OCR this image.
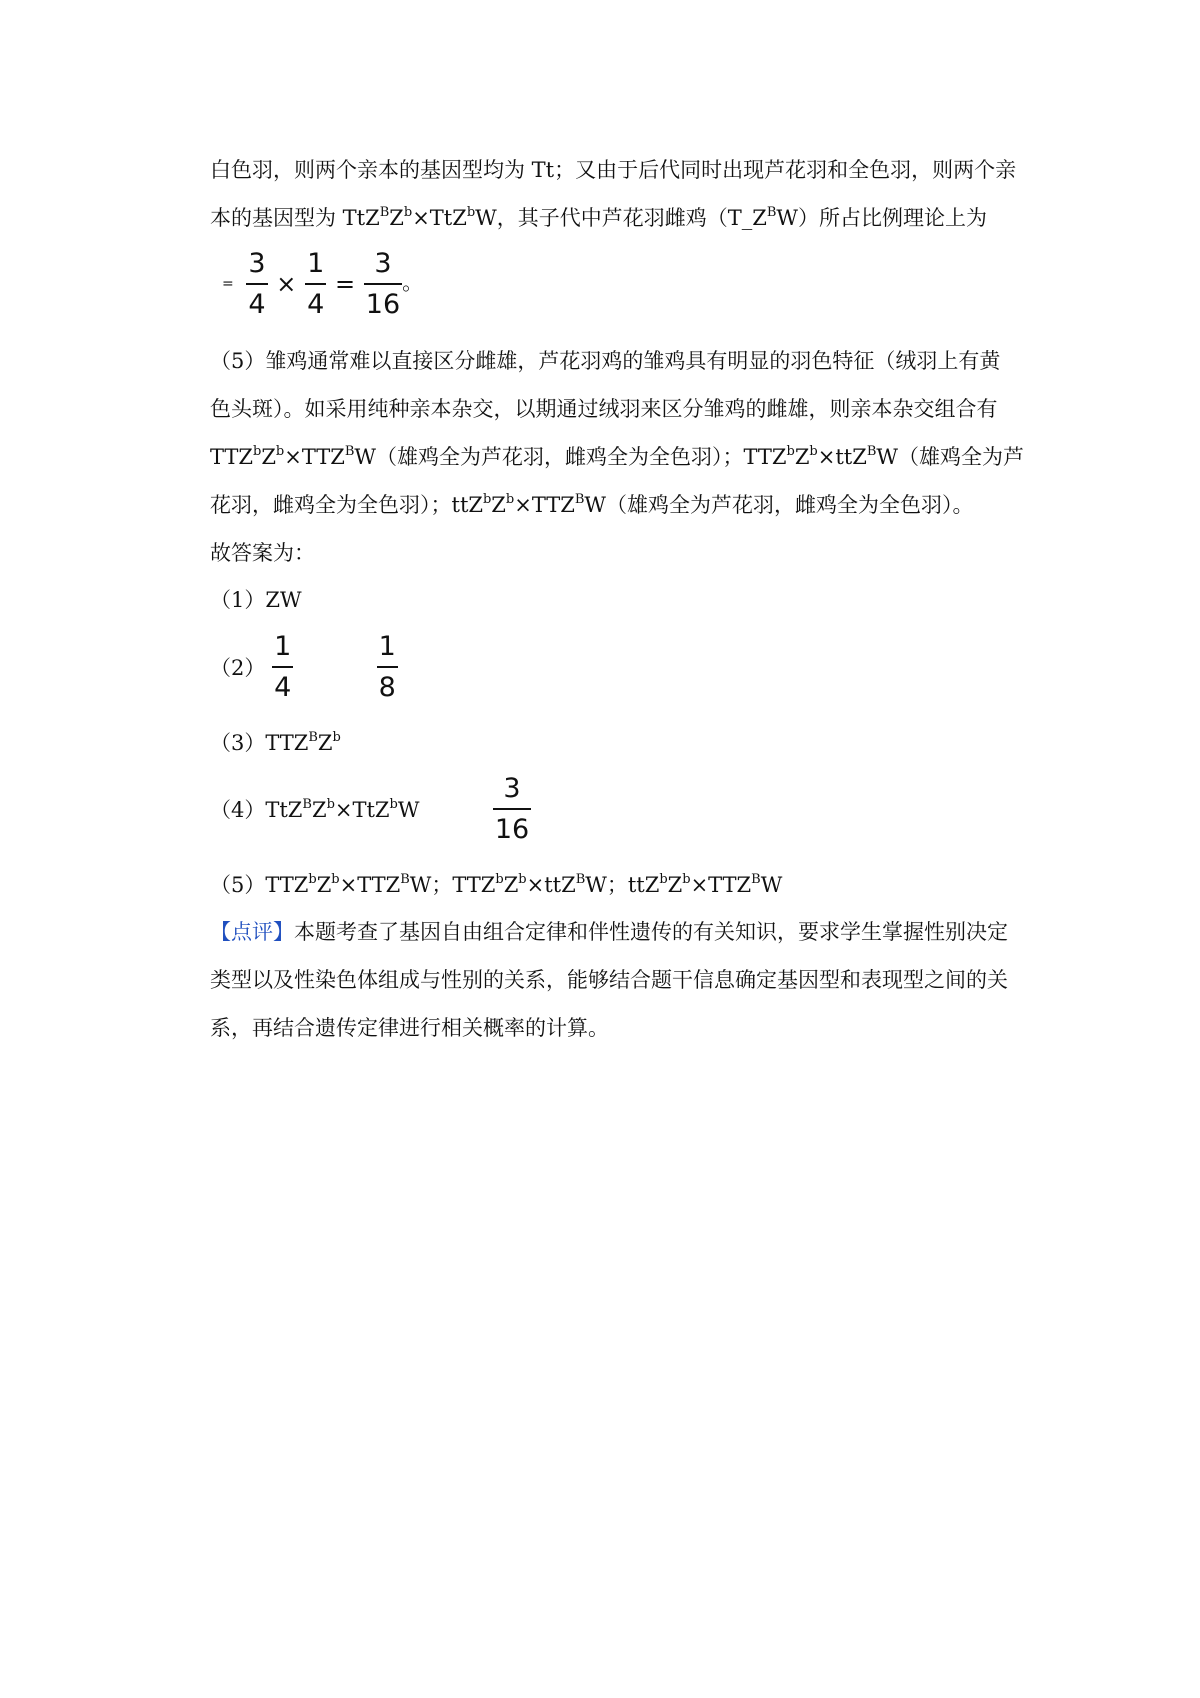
白色羽，则两个亲本的基因型均为 Tt；又由于后代同时出现芦花羽和全色羽，则两个亲
本的基因型为 $TtZ^BZ^b\times TtZ^bW$，其子代中芦花羽雌鸡$(T\_Z^BW)$所占比例理论上为
= $\frac{3}{4} \times \frac{1}{4} = \frac{3}{16}$ 。
（5）雏鸡通常难以直接区分雌雄，芦花羽鸡的雏鸡具有明显的羽色特征（绒羽上有黄
色头斑）。如采用纯种亲本杂交，以期通过绒羽来区分雏鸡的雌雄，则亲本杂交组合有
$TTZ^bZ^b\times TTZ^BW$（雄鸡全为芦花羽，雌鸡全为全色羽）；$TTZ^bZ^b\times ttZ^BW$（雄鸡全为芦
花羽，雌鸡全为全色羽）；$ttZ^bZ^b\times TTZ^BW$（雄鸡全为芦花羽，雌鸡全为全色羽）。
故答案为：
（1）ZW
$(2) \frac{1}{4}$
	$\frac{1}{8}$
$(3)TTZ^BZ^b$
$(4)TtZ^BZ^b\times TtZ^bW$	$\frac{3}{16}$
$(5)TTZ^bZ^b\times TTZ^BW$；$TTZ^bZ^b\times ttZ^BW$；$ttZ^bZ^b\times TTZ^BW$
【点评】本题考查了基因自由组合定律和伴性遗传的有关知识，要求学生掌握性别决定
类型以及性染色体组成与性别的关系，能够结合题干信息确定基因型和表现型之间的关
系，再结合遗传定律进行相关概率的计算。
